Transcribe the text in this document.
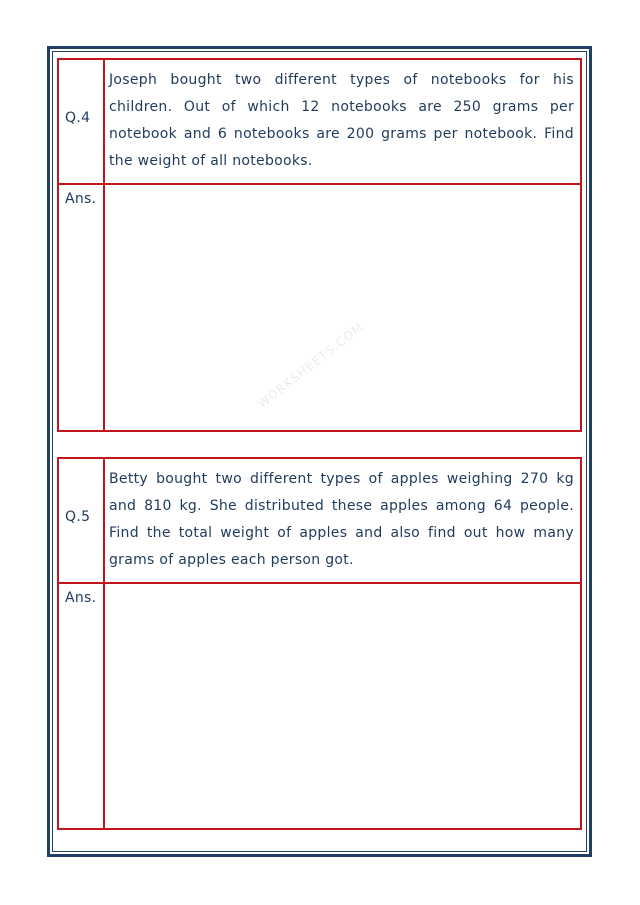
WORKSHEETS.COM
Q.4
Joseph bought two different types of notebooks for his children. Out of which 12 notebooks are 250 grams per notebook and 6 notebooks are 200 grams per notebook. Find the weight of all notebooks.
Ans.
Q.5
Betty bought two different types of apples weighing 270 kg and 810 kg. She distributed these apples among 64 people. Find the total weight of apples and also find out how many grams of apples each person got.
Ans.
